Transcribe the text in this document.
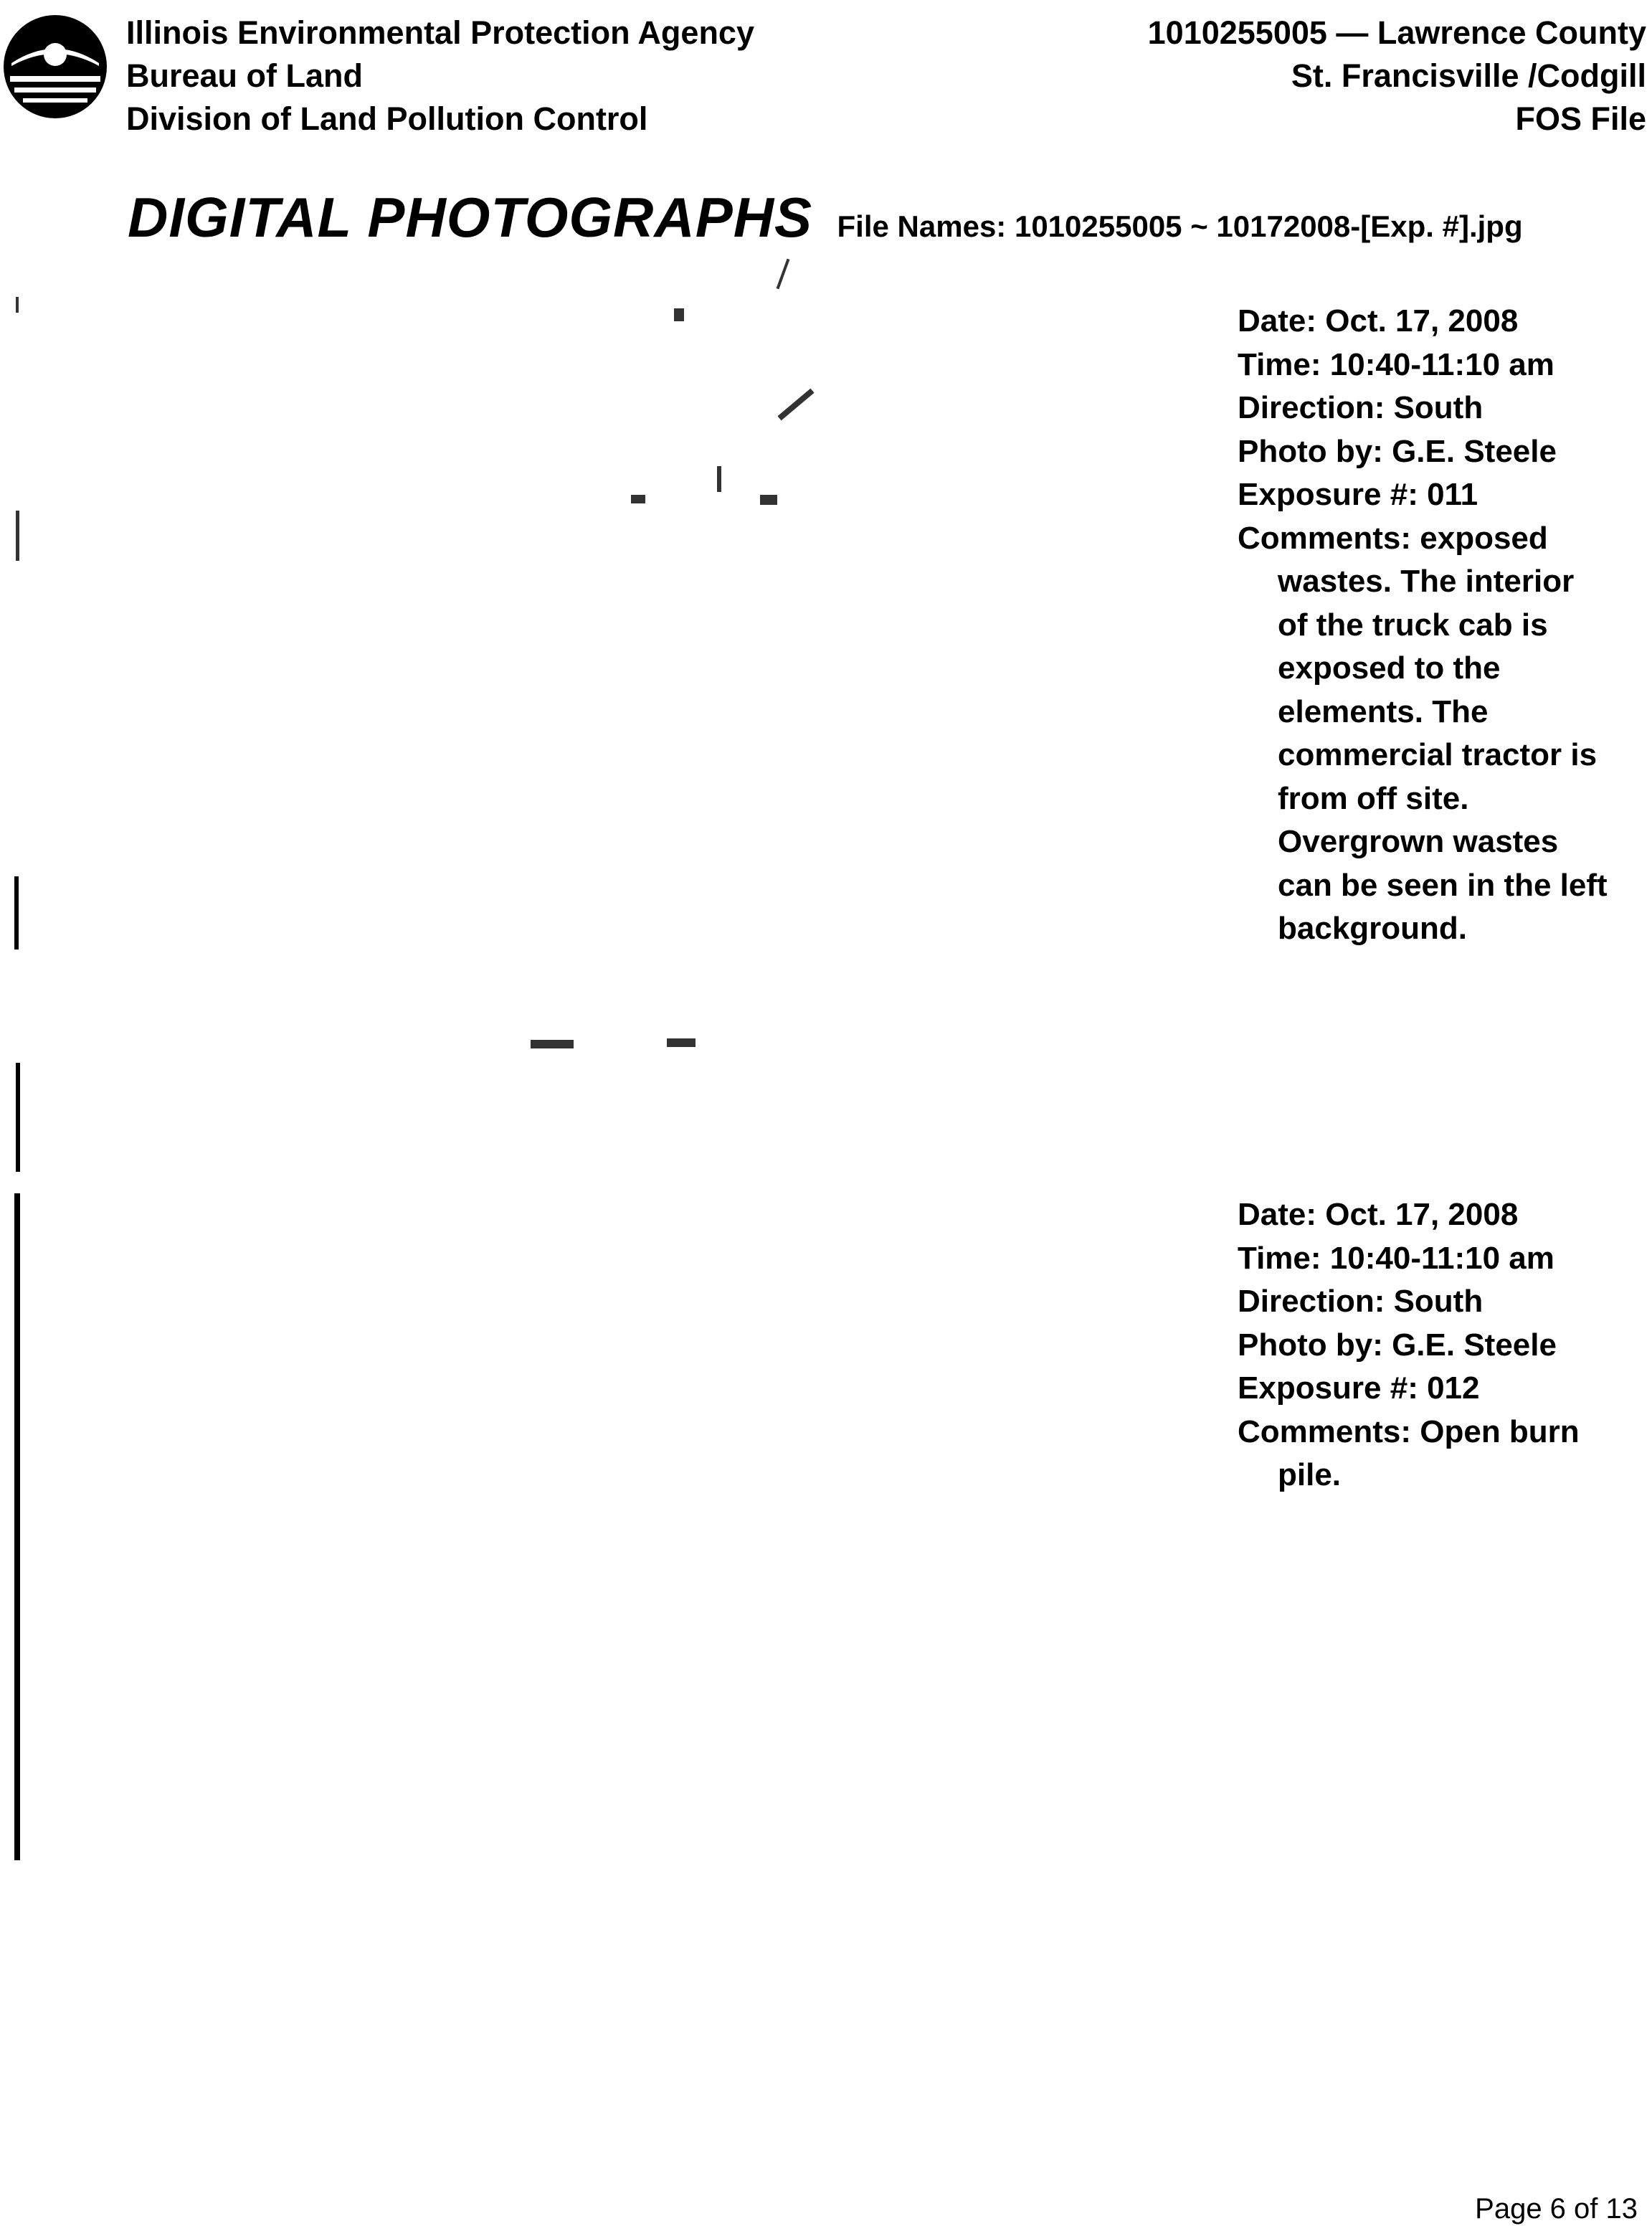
Illinois Environmental Protection Agency
Bureau of Land
Division of Land Pollution Control
1010255005 — Lawrence County
St. Francisville /Codgill
FOS File
DIGITAL PHOTOGRAPHS File Names: 1010255005 ~ 10172008-[Exp. #].jpg
Date: Oct. 17, 2008
Time: 10:40-11:10 am
Direction: South
Photo by: G.E. Steele
Exposure #: 011
Comments: exposed wastes. The interior of the truck cab is exposed to the elements. The commercial tractor is from off site. Overgrown wastes can be seen in the left background.
Date: Oct. 17, 2008
Time: 10:40-11:10 am
Direction: South
Photo by: G.E. Steele
Exposure #: 012
Comments: Open burn pile.
Page 6 of 13
